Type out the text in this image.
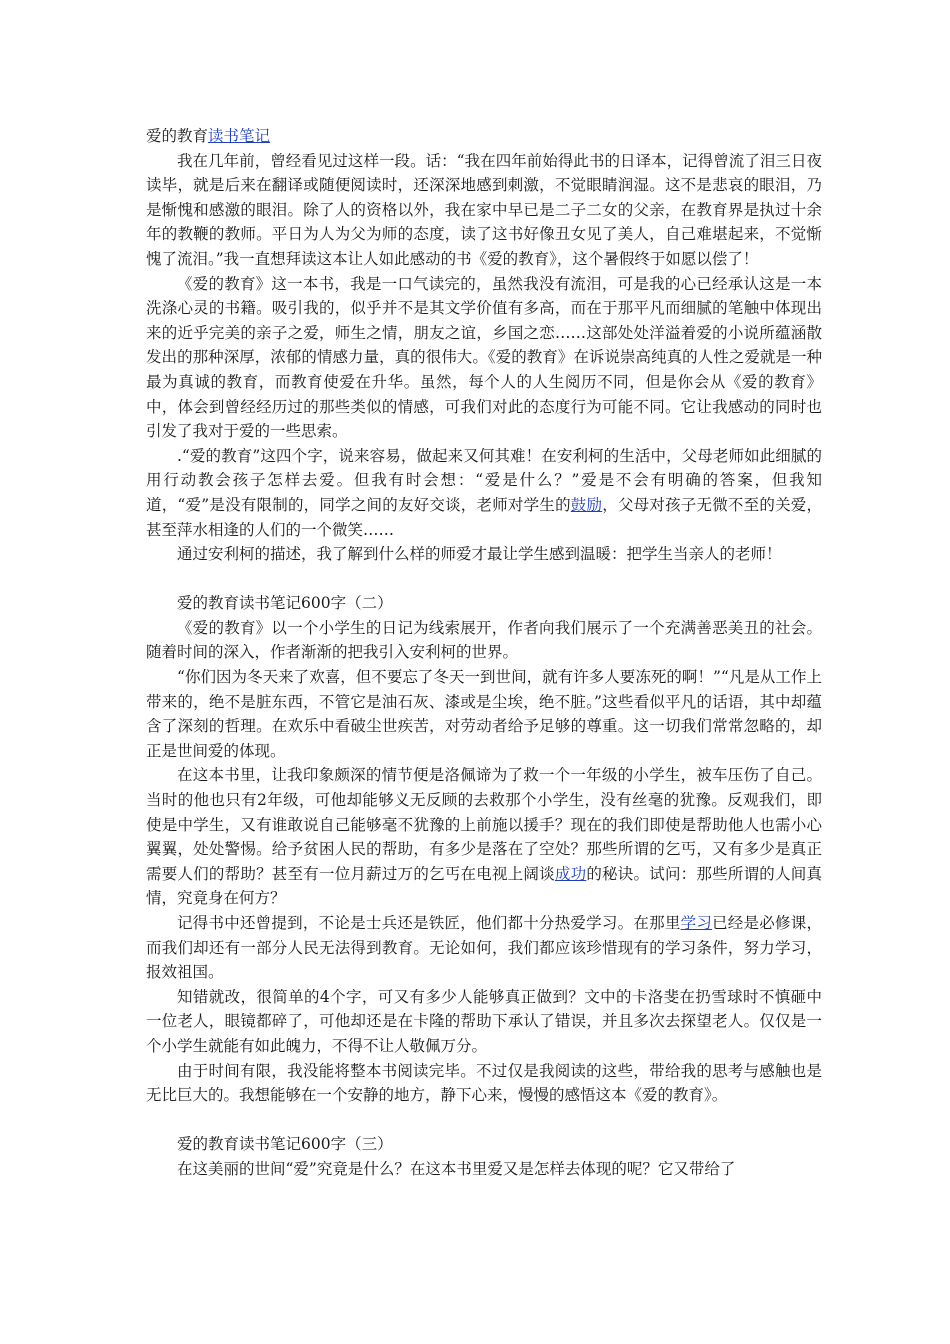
爱的教育读书笔记

我在几年前，曾经看见过这样一段。话：“我在四年前始得此书的日译本，记得曾流了泪三日夜读毕，就是后来在翻译或随便阅读时，还深深地感到刺激，不觉眼睛润湿。这不是悲哀的眼泪，乃是惭愧和感激的眼泪。除了人的资格以外，我在家中早已是二子二女的父亲，在教育界是执过十余年的教鞭的教师。平日为人为父为师的态度，读了这书好像丑女见了美人，自己难堪起来，不觉惭愧了流泪。”我一直想拜读这本让人如此感动的书《爱的教育》，这个暑假终于如愿以偿了！

《爱的教育》这一本书，我是一口气读完的，虽然我没有流泪，可是我的心已经承认这是一本洗涤心灵的书籍。吸引我的，似乎并不是其文学价值有多高，而在于那平凡而细腻的笔触中体现出来的近乎完美的亲子之爱，师生之情，朋友之谊，乡国之恋……这部处处洋溢着爱的小说所蕴涵散发出的那种深厚，浓郁的情感力量，真的很伟大。《爱的教育》在诉说崇高纯真的人性之爱就是一种最为真诚的教育，而教育使爱在升华。虽然，每个人的人生阅历不同，但是你会从《爱的教育》中，体会到曾经经历过的那些类似的情感，可我们对此的态度行为可能不同。它让我感动的同时也引发了我对于爱的一些思索。

.“爱的教育”这四个字，说来容易，做起来又何其难！在安利柯的生活中，父母老师如此细腻的用行动教会孩子怎样去爱。但我有时会想：“爱是什么？”爱是不会有明确的答案，但我知道，“爱”是没有限制的，同学之间的友好交谈，老师对学生的鼓励，父母对孩子无微不至的关爱，甚至萍水相逢的人们的一个微笑……

通过安利柯的描述，我了解到什么样的师爱才最让学生感到温暖：把学生当亲人的老师！

爱的教育读书笔记600字（二）

《爱的教育》以一个小学生的日记为线索展开，作者向我们展示了一个充满善恶美丑的社会。随着时间的深入，作者渐渐的把我引入安利柯的世界。

“你们因为冬天来了欢喜，但不要忘了冬天一到世间，就有许多人要冻死的啊！”“凡是从工作上带来的，绝不是脏东西，不管它是油石灰、漆或是尘埃，绝不脏。”这些看似平凡的话语，其中却蕴含了深刻的哲理。在欢乐中看破尘世疾苦，对劳动者给予足够的尊重。这一切我们常常忽略的，却正是世间爱的体现。

在这本书里，让我印象颇深的情节便是洛佩谛为了救一个一年级的小学生，被车压伤了自己。当时的他也只有2年级，可他却能够义无反顾的去救那个小学生，没有丝毫的犹豫。反观我们，即使是中学生，又有谁敢说自己能够毫不犹豫的上前施以援手？现在的我们即使是帮助他人也需小心翼翼，处处警惕。给予贫困人民的帮助，有多少是落在了空处？那些所谓的乞丐，又有多少是真正需要人们的帮助？甚至有一位月薪过万的乞丐在电视上阔谈成功的秘诀。试问：那些所谓的人间真情，究竟身在何方？

记得书中还曾提到，不论是士兵还是铁匠，他们都十分热爱学习。在那里学习已经是必修课，而我们却还有一部分人民无法得到教育。无论如何，我们都应该珍惜现有的学习条件，努力学习，报效祖国。

知错就改，很简单的4个字，可又有多少人能够真正做到？文中的卡洛斐在扔雪球时不慎砸中一位老人，眼镜都碎了，可他却还是在卡隆的帮助下承认了错误，并且多次去探望老人。仅仅是一个小学生就能有如此魄力，不得不让人敬佩万分。

由于时间有限，我没能将整本书阅读完毕。不过仅是我阅读的这些，带给我的思考与感触也是无比巨大的。我想能够在一个安静的地方，静下心来，慢慢的感悟这本《爱的教育》。

爱的教育读书笔记600字（三）

在这美丽的世间“爱”究竟是什么？在这本书里爱又是怎样去体现的呢？它又带给了
